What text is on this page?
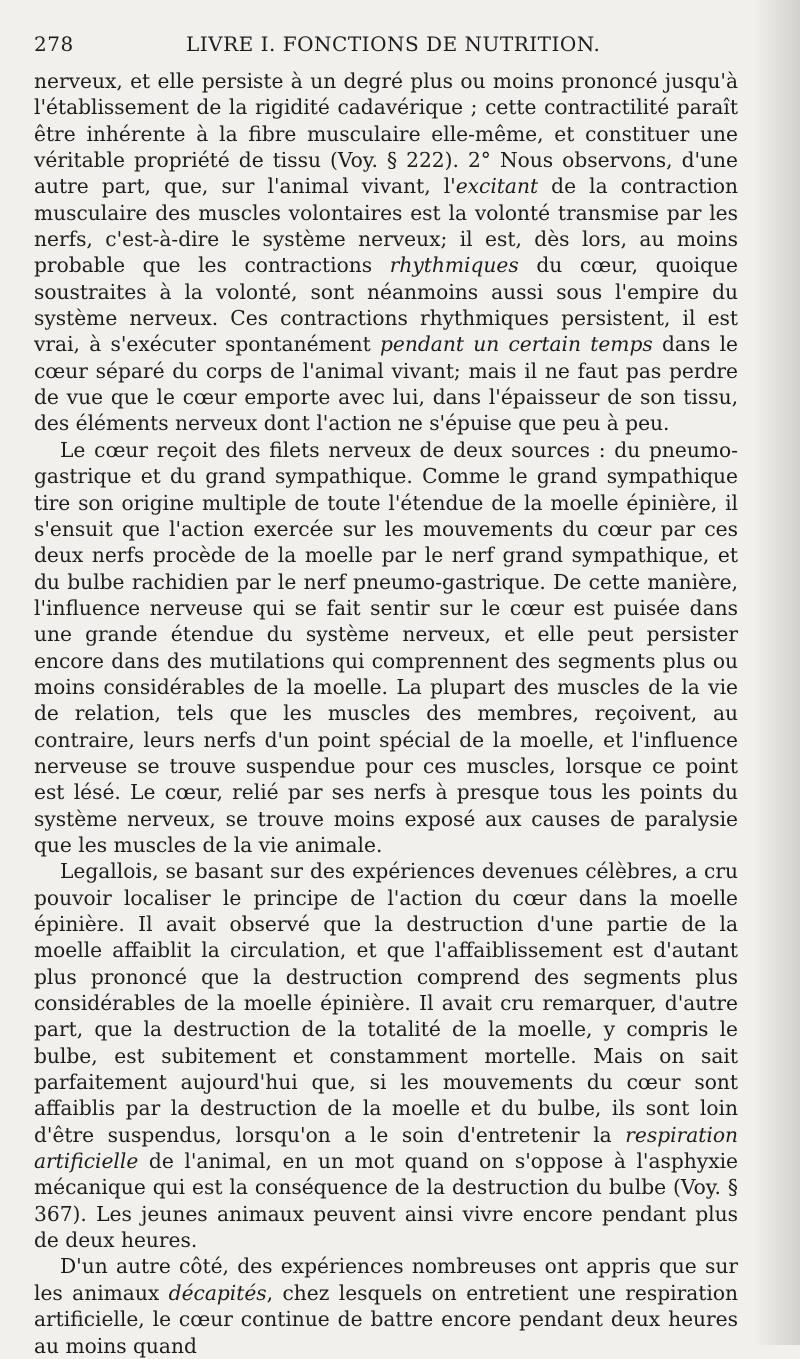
278	LIVRE I. FONCTIONS DE NUTRITION.

nerveux, et elle persiste à un degré plus ou moins prononcé jusqu'à l'établissement de la rigidité cadavérique ; cette contractilité paraît être inhérente à la fibre musculaire elle-même, et constituer une véritable propriété de tissu (Voy. § 222). 2° Nous observons, d'une autre part, que, sur l'animal vivant, l'excitant de la contraction musculaire des muscles volontaires est la volonté transmise par les nerfs, c'est-à-dire le système nerveux; il est, dès lors, au moins probable que les contractions rhythmiques du cœur, quoique soustraites à la volonté, sont néanmoins aussi sous l'empire du système nerveux. Ces contractions rhythmiques persistent, il est vrai, à s'exécuter spontanément pendant un certain temps dans le cœur séparé du corps de l'animal vivant; mais il ne faut pas perdre de vue que le cœur emporte avec lui, dans l'épaisseur de son tissu, des éléments nerveux dont l'action ne s'épuise que peu à peu.

Le cœur reçoit des filets nerveux de deux sources : du pneumo-gastrique et du grand sympathique. Comme le grand sympathique tire son origine multiple de toute l'étendue de la moelle épinière, il s'ensuit que l'action exercée sur les mouvements du cœur par ces deux nerfs procède de la moelle par le nerf grand sympathique, et du bulbe rachidien par le nerf pneumo-gastrique. De cette manière, l'influence nerveuse qui se fait sentir sur le cœur est puisée dans une grande étendue du système nerveux, et elle peut persister encore dans des mutilations qui comprennent des segments plus ou moins considérables de la moelle. La plupart des muscles de la vie de relation, tels que les muscles des membres, reçoivent, au contraire, leurs nerfs d'un point spécial de la moelle, et l'influence nerveuse se trouve suspendue pour ces muscles, lorsque ce point est lésé. Le cœur, relié par ses nerfs à presque tous les points du système nerveux, se trouve moins exposé aux causes de paralysie que les muscles de la vie animale.

Legallois, se basant sur des expériences devenues célèbres, a cru pouvoir localiser le principe de l'action du cœur dans la moelle épinière. Il avait observé que la destruction d'une partie de la moelle affaiblit la circulation, et que l'affaiblissement est d'autant plus prononcé que la destruction comprend des segments plus considérables de la moelle épinière. Il avait cru remarquer, d'autre part, que la destruction de la totalité de la moelle, y compris le bulbe, est subitement et constamment mortelle. Mais on sait parfaitement aujourd'hui que, si les mouvements du cœur sont affaiblis par la destruction de la moelle et du bulbe, ils sont loin d'être suspendus, lorsqu'on a le soin d'entretenir la respiration artificielle de l'animal, en un mot quand on s'oppose à l'asphyxie mécanique qui est la conséquence de la destruction du bulbe (Voy. § 367). Les jeunes animaux peuvent ainsi vivre encore pendant plus de deux heures.

D'un autre côté, des expériences nombreuses ont appris que sur les animaux décapités, chez lesquels on entretient une respiration artificielle, le cœur continue de battre encore pendant deux heures au moins quand
